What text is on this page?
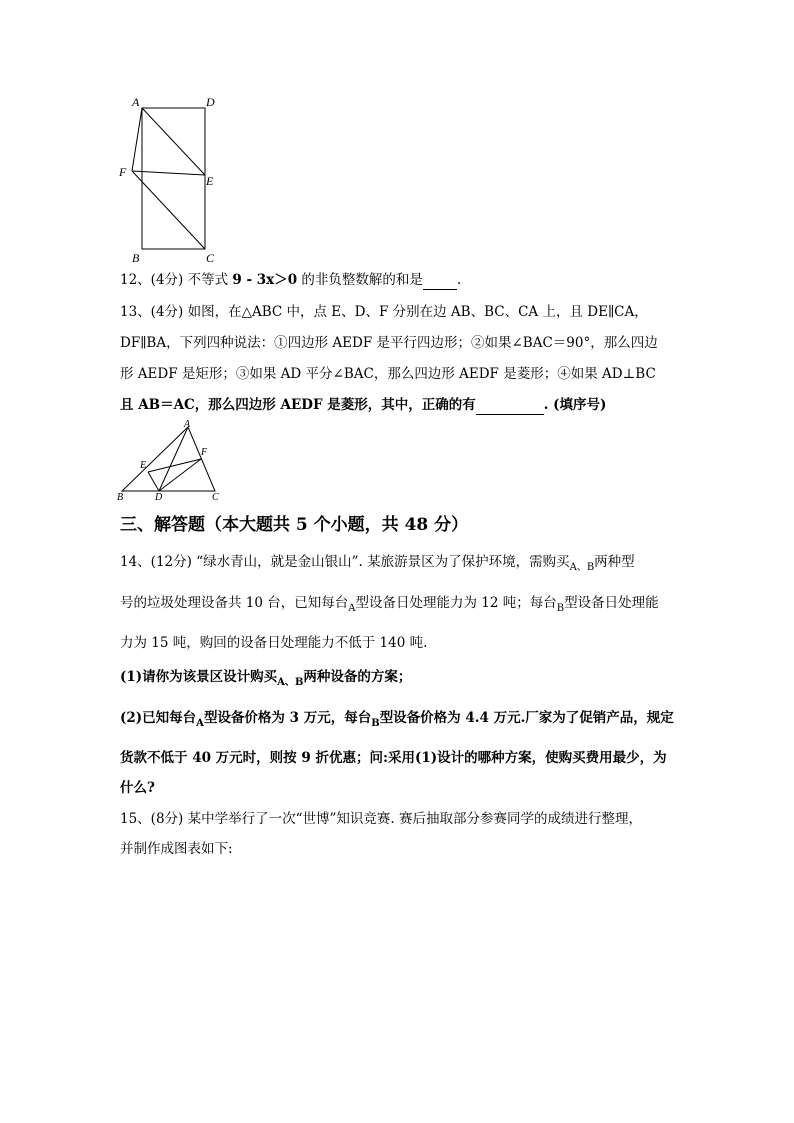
A	D
F
E
B	C
12、(4分) 不等式 9 - 3x＞0 的非负整数解的和是	.
13、(4分) 如图，在△ABC 中，点 E、D、F 分别在边 AB、BC、CA 上，且 DE∥CA，
DF∥BA，下列四种说法：①四边形 AEDF 是平行四边形；②如果∠BAC＝90°，那么四边
形 AEDF 是矩形；③如果 AD 平分∠BAC，那么四边形 AEDF 是菱形；④如果 AD⊥BC
且 AB＝AC，那么四边形 AEDF 是菱形，其中，正确的有	. (填序号)
A
E
F
B	D	C
三、解答题（本大题共 5 个小题，共 48 分）
14、(12分) “绿水青山，就是金山银山”. 某旅游景区为了保护环境，需购买$_{A、B}$两种型
号的垃圾处理设备共 10 台，已知每台$_A$型设备日处理能力为 12 吨；每台$_B$型设备日处理能
力为 15 吨，购回的设备日处理能力不低于 140 吨.
(1)请你为该景区设计购买$_{A、B}$两种设备的方案；
(2)已知每台$_A$型设备价格为 3 万元，每台$_B$型设备价格为 4.4 万元.厂家为了促销产品，规定
货款不低于 40 万元时，则按 9 折优惠；问:采用(1)设计的哪种方案，使购买费用最少，为
什么?
15、(8分) 某中学举行了一次“世博”知识竞赛. 赛后抽取部分参赛同学的成绩进行整理，
并制作成图表如下:
